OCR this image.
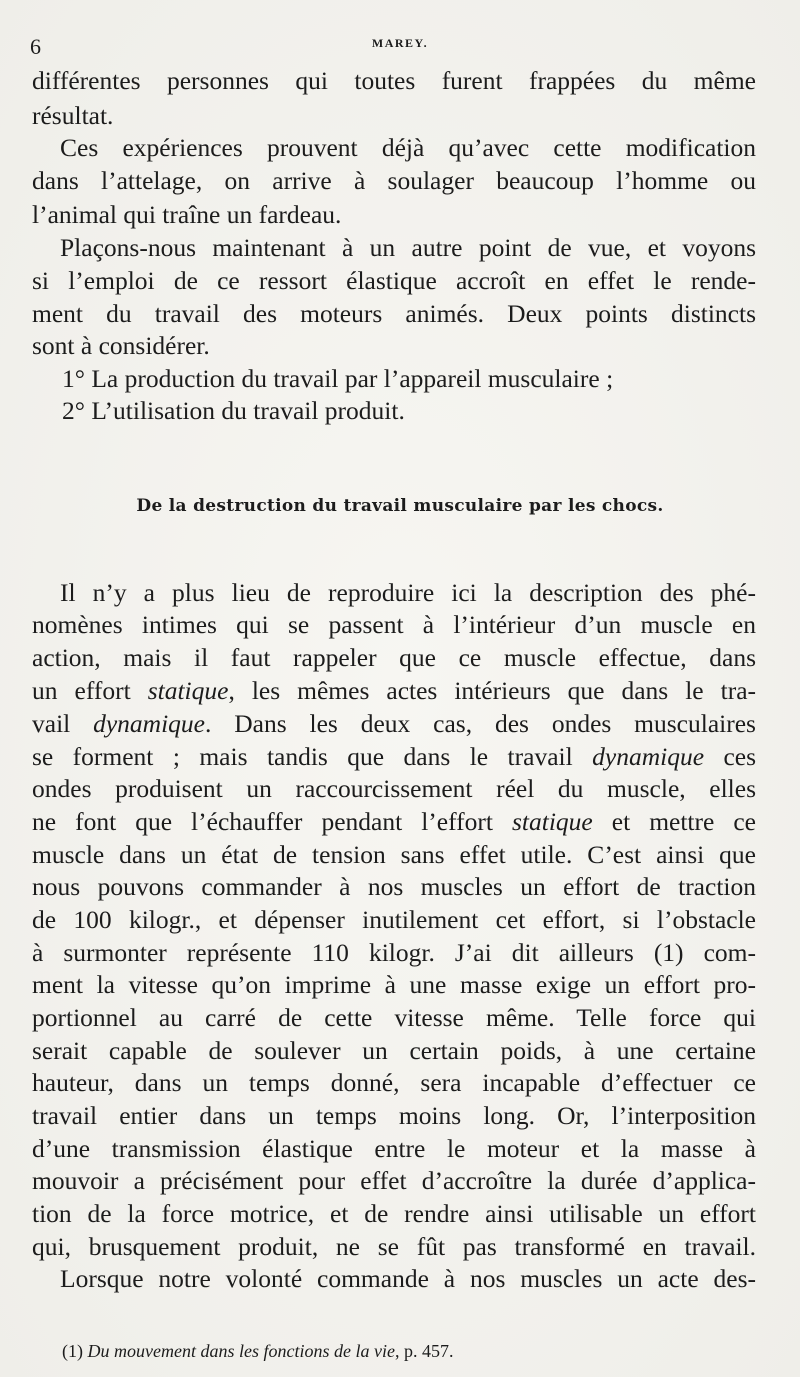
6	MAREY.
différentes personnes qui toutes furent frappées du même
résultat.
Ces expériences prouvent déjà qu’avec cette modification
dans l’attelage, on arrive à soulager beaucoup l’homme ou
l’animal qui traîne un fardeau.
Plaçons-nous maintenant à un autre point de vue, et voyons
si l’emploi de ce ressort élastique accroît en effet le rende-
ment du travail des moteurs animés. Deux points distincts
sont à considérer.
1° La production du travail par l’appareil musculaire ;
2° L’utilisation du travail produit.
De la destruction du travail musculaire par les chocs.
Il n’y a plus lieu de reproduire ici la description des phé-
nomènes intimes qui se passent à l’intérieur d’un muscle en
action, mais il faut rappeler que ce muscle effectue, dans
un effort statique, les mêmes actes intérieurs que dans le tra-
vail dynamique. Dans les deux cas, des ondes musculaires
se forment ; mais tandis que dans le travail dynamique ces
ondes produisent un raccourcissement réel du muscle, elles
ne font que l’échauffer pendant l’effort statique et mettre ce
muscle dans un état de tension sans effet utile. C’est ainsi que
nous pouvons commander à nos muscles un effort de traction
de 100 kilogr., et dépenser inutilement cet effort, si l’obstacle
à surmonter représente 110 kilogr. J’ai dit ailleurs (1) com-
ment la vitesse qu’on imprime à une masse exige un effort pro-
portionnel au carré de cette vitesse même. Telle force qui
serait capable de soulever un certain poids, à une certaine
hauteur, dans un temps donné, sera incapable d’effectuer ce
travail entier dans un temps moins long. Or, l’interposition
d’une transmission élastique entre le moteur et la masse à
mouvoir a précisément pour effet d’accroître la durée d’applica-
tion de la force motrice, et de rendre ainsi utilisable un effort
qui, brusquement produit, ne se fût pas transformé en travail.
Lorsque notre volonté commande à nos muscles un acte des-
(1) Du mouvement dans les fonctions de la vie, p. 457.
